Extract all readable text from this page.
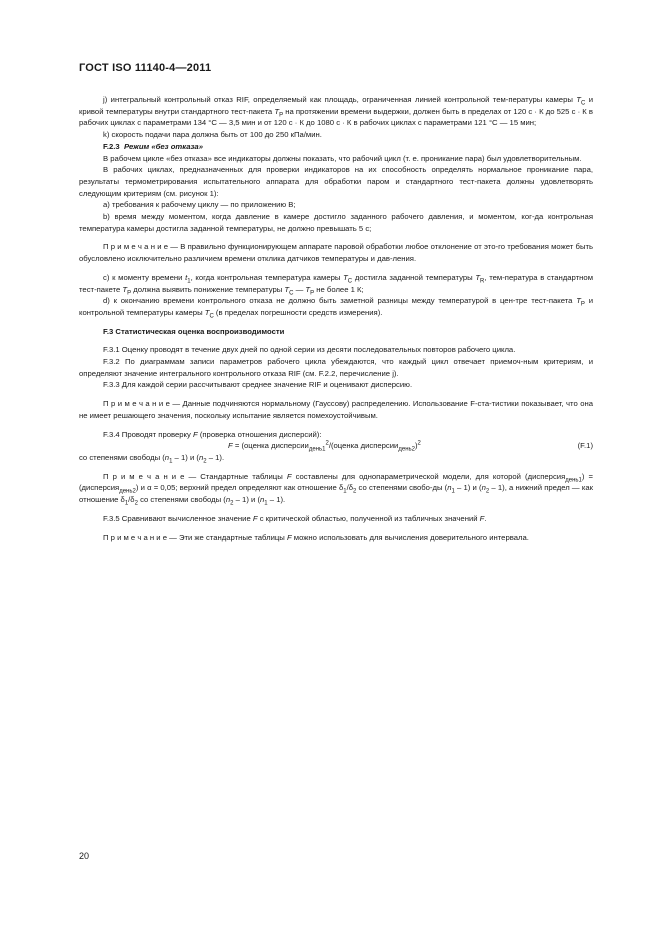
ГОСТ ISO 11140-4—2011

j) интегральный контрольный отказ RIF, определяемый как площадь, ограниченная линией контрольной тем-пературы камеры $T_C$ и кривой температуры внутри стандартного тест-пакета $T_P$ на протяжении времени выдержки, должен быть в пределах от 120 с · К до 525 с · К в рабочих циклах с параметрами 134 °С — 3,5 мин и от 120 с · К до 1080 с · К в рабочих циклах с параметрами 121 °С — 15 мин;

k) скорость подачи пара должна быть от 100 до 250 кПа/мин.

F.2.3 Режим «без отказа»

В рабочем цикле «без отказа» все индикаторы должны показать, что рабочий цикл (т. е. проникание пара) был удовлетворительным.

В рабочих циклах, предназначенных для проверки индикаторов на их способность определять нормальное проникание пара, результаты термометрирования испытательного аппарата для обработки паром и стандартного тест-пакета должны удовлетворять следующим критериям (см. рисунок 1):

a) требования к рабочему циклу — по приложению В;

b) время между моментом, когда давление в камере достигло заданного рабочего давления, и моментом, ког-да контрольная температура камеры достигла заданной температуры, не должно превышать 5 с;

П р и м е ч а н и е — В правильно функционирующем аппарате паровой обработки любое отклонение от это-го требования может быть обусловлено исключительно различием времени отклика датчиков температуры и дав-ления.

c) к моменту времени $t_1$, когда контрольная температура камеры $T_C$ достигла заданной температуры $T_R$, тем-пература в стандартном тест-пакете $T_P$ должна выявить понижение температуры $T_C$ — $T_P$ не более 1 К;

d) к окончанию времени контрольного отказа не должно быть заметной разницы между температурой в цен-тре тест-пакета $T_P$ и контрольной температуры камеры $T_C$ (в пределах погрешности средств измерения).

F.3 Статистическая оценка воспроизводимости

F.3.1 Оценку проводят в течение двух дней по одной серии из десяти последовательных повторов рабочего цикла.

F.3.2 По диаграммам записи параметров рабочего цикла убеждаются, что каждый цикл отвечает приемоч-ным критериям, и определяют значение интегрального контрольного отказа RIF (см. F.2.2, перечисление j).

F.3.3 Для каждой серии рассчитывают среднее значение RIF и оценивают дисперсию.

П р и м е ч а н и е — Данные подчиняются нормальному (Гауссову) распределению. Использование F-ста-тистики показывает, что она не имеет решающего значения, поскольку испытание является помехоустойчивым.

F.3.4 Проводят проверку F (проверка отношения дисперсий):

F = (оценка дисперсии$_{день1}^2$/(оценка дисперсии$_{день2}$)$^2$	(F.1)

со степенями свободы $(n_1 - 1)$ и $(n_2 - 1)$.

П р и м е ч а н и е — Стандартные таблицы F составлены для однопараметрической модели, для которой (дисперсия$_{день1}$) = (дисперсия$_{день2}$) и α = 0,05; верхний предел определяют как отношение $\delta_1/\delta_2$ со степенями свобо-ды $(n_1 - 1)$ и $(n_2 - 1)$, а нижний предел — как отношение $\delta_1/\delta_2$ со степенями свободы $(n_2 - 1)$ и $(n_1 - 1)$.

F.3.5 Сравнивают вычисленное значение F с критической областью, полученной из табличных значений F.

П р и м е ч а н и е — Эти же стандартные таблицы F можно использовать для вычисления доверительного интервала.

20
